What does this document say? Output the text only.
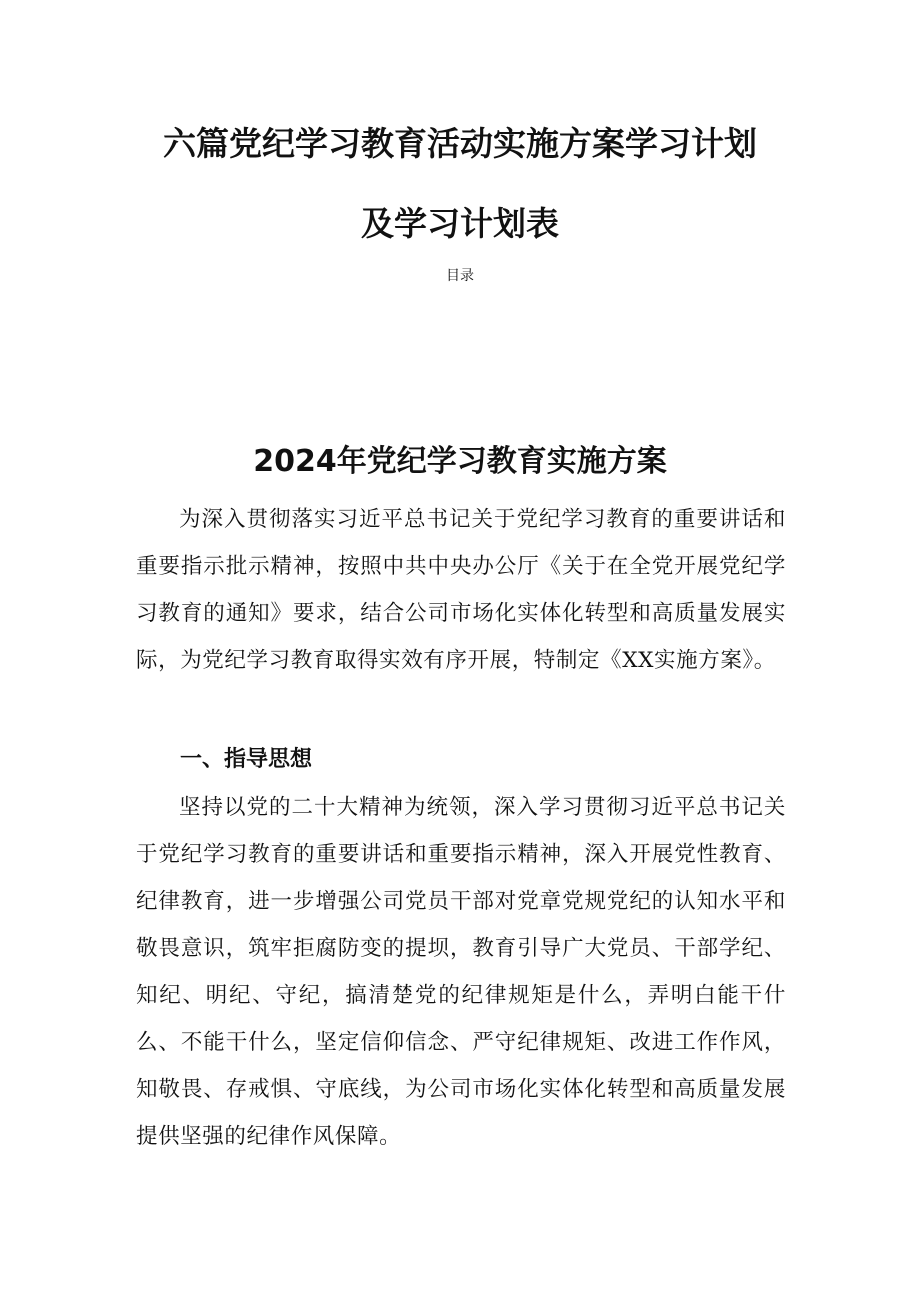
六篇党纪学习教育活动实施方案学习计划
及学习计划表
目录
2024年党纪学习教育实施方案

为深入贯彻落实习近平总书记关于党纪学习教育的重要讲话和重要指示批示精神，按照中共中央办公厅《关于在全党开展党纪学习教育的通知》要求，结合公司市场化实体化转型和高质量发展实际，为党纪学习教育取得实效有序开展，特制定《XX实施方案》。

一、指导思想

坚持以党的二十大精神为统领，深入学习贯彻习近平总书记关于党纪学习教育的重要讲话和重要指示精神，深入开展党性教育、纪律教育，进一步增强公司党员干部对党章党规党纪的认知水平和敬畏意识，筑牢拒腐防变的提坝，教育引导广大党员、干部学纪、知纪、明纪、守纪，搞清楚党的纪律规矩是什么，弄明白能干什么、不能干什么，坚定信仰信念、严守纪律规矩、改进工作作风，知敬畏、存戒惧、守底线，为公司市场化实体化转型和高质量发展提供坚强的纪律作风保障。
